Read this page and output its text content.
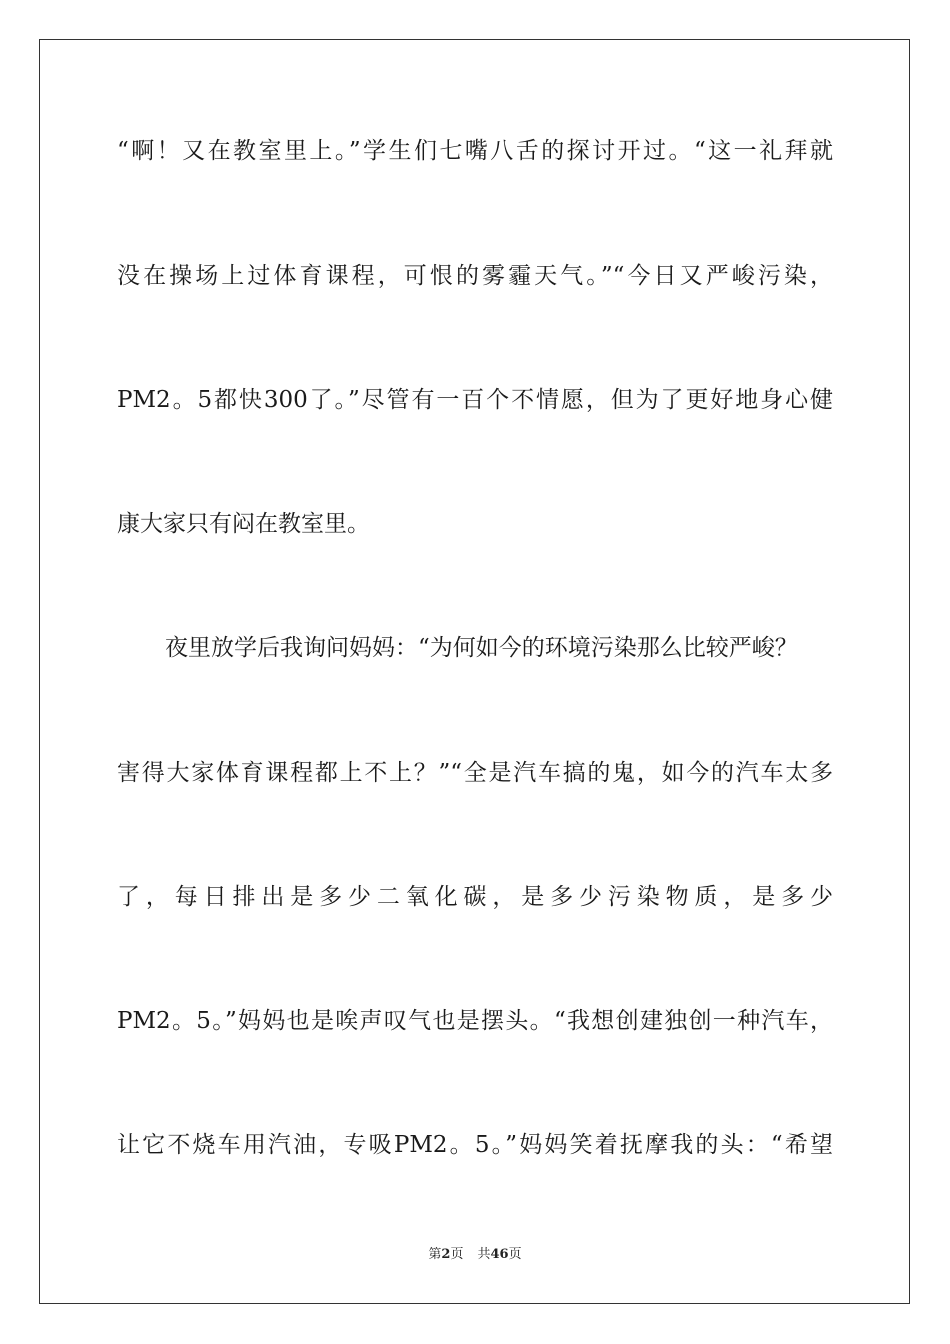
“啊！又在教室里上。”学生们七嘴八舌的探讨开过。“这一礼拜就
没在操场上过体育课程，可恨的雾霾天气。”“今日又严峻污染，
PM2。5都快300了。”尽管有一百个不情愿，但为了更好地身心健
康大家只有闷在教室里。
夜里放学后我询问妈妈：“为何如今的环境污染那么比较严峻？
害得大家体育课程都上不上？”“全是汽车搞的鬼，如今的汽车太多
了，每日排出是多少二氧化碳，是多少污染物质，是多少
PM2。5。”妈妈也是唉声叹气也是摆头。“我想创建独创一种汽车，
让它不烧车用汽油，专吸PM2。5。”妈妈笑着抚摩我的头：“希望
第2页 共46页
